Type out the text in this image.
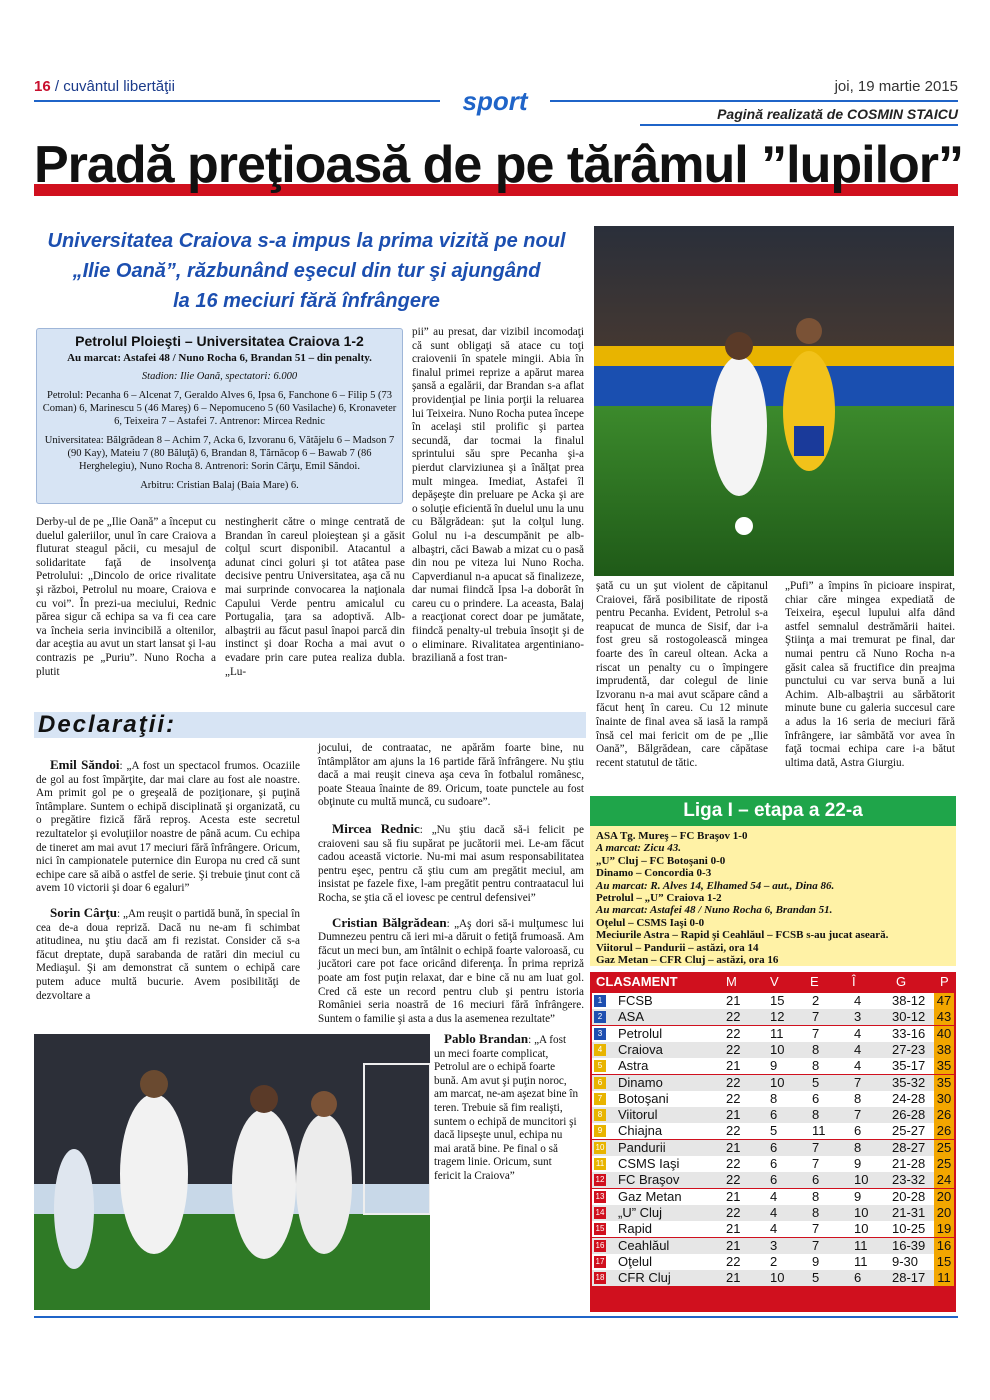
16 / cuvântul libertăţii	joi, 19 martie 2015
sport	Pagină realizată de COSMIN STAICU
Pradă preţioasă de pe tărâmul ”lupilor”
Universitatea Craiova s-a impus la prima vizită pe noul
„Ilie Oană”, răzbunând eşecul din tur şi ajungând
la 16 meciuri fără înfrângere
Petrolul Ploieşti – Universitatea Craiova 1-2
Au marcat: Astafei 48 / Nuno Rocha 6, Brandan 51 – din penalty.
Stadion: Ilie Oană, spectatori: 6.000

Petrolul: Pecanha 6 – Alcenat 7, Geraldo Alves 6, Ipsa 6, Fanchone 6 – Filip 5 (73 Coman) 6, Marinescu 5 (46 Mareş) 6 – Nepomuceno 5 (60 Vasilache) 6, Kronaveter 6, Teixeira 7 – Astafei 7. Antrenor: Mircea Rednic

Universitatea: Bălgrădean 8 – Achim 7, Acka 6, Izvoranu 6, Vătăjelu 6 – Madson 7 (90 Kay), Mateiu 7 (80 Băluţă) 6, Brandan 8, Tărnăcop 6 – Bawab 7 (86 Herghelegiu), Nuno Rocha 8. Antrenori: Sorin Cârţu, Emil Săndoi.

Arbitru: Cristian Balaj (Baia Mare) 6.

Derby-ul de pe „Ilie Oană” a început cu duelul galeriilor, unul în care Craiova a fluturat steagul păcii, cu mesajul de solidaritate faţă de insolvenţa Petrolului: „Dincolo de orice rivalitate şi război, Petrolul nu moare, Craiova e cu voi”. În prezi-ua meciului, Rednic părea sigur că echipa sa va fi cea care va încheia seria invincibilă a oltenilor, dar aceştia au avut un start lansat şi l-au contrazis pe „Puriu”. Nuno Rocha a plutit

nestingherit către o minge centrată de Brandan în careul ploieştean şi a găsit colţul scurt disponibil. Atacantul a adunat cinci goluri şi tot atâtea pase decisive pentru Universitatea, aşa că nu mai surprinde convocarea la naţionala Capului Verde pentru amicalul cu Portugalia, ţara sa adoptivă. Alb-albaştrii au făcut pasul înapoi parcă din instinct şi doar Rocha a mai avut o evadare prin care putea realiza dubla. „Lu-

pii” au presat, dar vizibil incomodaţi că sunt obligaţi să atace cu toţi craiovenii în spatele mingii. Abia în finalul primei reprize a apărut marea şansă a egalării, dar Brandan s-a aflat providenţial pe linia porţii la reluarea lui Teixeira. Nuno Rocha putea începe în acelaşi stil prolific şi partea secundă, dar tocmai la finalul sprintului său spre Pecanha şi-a pierdut clarviziunea şi a înălţat prea mult mingea. Imediat, Astafei îl depăşeşte din preluare pe Acka şi are o soluţie eficientă în duelul unu la unu cu Bălgrădean: şut la colţul lung. Golul nu i-a descumpănit pe alb-albaştri, căci Bawab a mizat cu o pasă din nou pe viteza lui Nuno Rocha. Capverdianul n-a apucat să finalizeze, dar numai fiindcă Ipsa l-a doborât în careu cu o prindere. La aceasta, Balaj a reacţionat corect doar pe jumătate, fiindcă penalty-ul trebuia însoţit şi de o eliminare. Rivalitatea argentiniano-braziliană a fost tran-

şată cu un şut violent de căpitanul Craiovei, fără posibilitate de ripostă pentru Pecanha. Evident, Petrolul s-a reapucat de munca de Sisif, dar i-a fost greu să rostogolească mingea foarte des în careul oltean. Acka a riscat un penalty cu o împingere imprudentă, dar colegul de linie Izvoranu n-a mai avut scăpare când a făcut henţ în careu. Cu 12 minute înainte de final avea să iasă la rampă însă cel mai fericit om de pe „Ilie Oană”, Bălgrădean, care căpătase recent statutul de tătic.

„Pufi” a împins în picioare inspirat, chiar căre mingea expediată de Teixeira, eşecul lupului alfa dând astfel semnalul destrămării haitei. Ştiinţa a mai tremurat pe final, dar numai pentru că Nuno Rocha n-a găsit calea să fructifice din preajma punctului cu var serva bună a lui Achim. Alb-albaştrii au sărbătorit minute bune cu galeria succesul care a adus la 16 seria de meciuri fără înfrângere, iar sâmbătă vor avea în faţă tocmai echipa care i-a bătut ultima dată, Astra Giurgiu.

Declaraţii:

Emil Săndoi: „A fost un spectacol frumos. Ocaziile de gol au fost împărţite, dar mai clare au fost ale noastre. Am primit gol pe o greşeală de poziţionare, şi puţină întâmplare. Suntem o echipă disciplinată şi organizată, cu o pregătire fizică fără reproş. Acesta este secretul rezultatelor şi evoluţiilor noastre de până acum. Cu echipa de tineret am mai avut 17 meciuri fără înfrângere. Oricum, nici în campionatele puternice din Europa nu cred că sunt echipe care să aibă o astfel de serie. Şi trebuie ţinut cont că avem 10 victorii şi doar 6 egaluri”

Sorin Cârţu: „Am reuşit o partidă bună, în special în cea de-a doua repriză. Dacă nu ne-am fi schimbat atitudinea, nu ştiu dacă am fi rezistat. Consider că s-a făcut dreptate, după sarabanda de ratări din meciul cu Mediaşul. Şi am demonstrat că suntem o echipă care putem aduce multă bucurie. Avem posibilităţi de dezvoltare a

jocului, de contraatac, ne apărăm foarte bine, nu întâmplător am ajuns la 16 partide fără înfrângere. Nu ştiu dacă a mai reuşit cineva aşa ceva în fotbalul românesc, poate Steaua înainte de 89. Oricum, toate punctele au fost obţinute cu multă muncă, cu sudoare”.

Mircea Rednic: „Nu ştiu dacă să-i felicit pe craioveni sau să fiu supărat pe jucătorii mei. Le-am făcut cadou această victorie. Nu-mi mai asum responsabilitatea pentru eşec, pentru că ştiu cum am pregătit meciul, am insistat pe fazele fixe, l-am pregătit pentru contraatacul lui Rocha, se ştia că el iovesc pe centrul defensivei”

Cristian Bălgrădean: „Aş dori să-i mulţumesc lui Dumnezeu pentru că ieri mi-a dăruit o fetiţă frumoasă. Am făcut un meci bun, am întâlnit o echipă foarte valoroasă, cu jucători care pot face oricând diferenţa. În prima repriză poate am fost puţin relaxat, dar e bine că nu am luat gol. Cred că este un record pentru club şi pentru istoria României seria noastră de 16 meciuri fără înfrângere. Suntem o familie şi asta a dus la asemenea rezultate”

Pablo Brandan: „A fost un meci foarte complicat, Petrolul are o echipă foarte bună. Am avut şi puţin noroc, am marcat, ne-am aşezat bine în teren. Trebuie să fim realişti, suntem o echipă de muncitori şi dacă lipseşte unul, echipa nu mai arată bine. Pe final o să tragem linie. Oricum, sunt fericit la Craiova”

Liga I – etapa a 22-a
ASA Tg. Mureş – FC Braşov 1-0
A marcat: Zicu 43.
„U” Cluj – FC Botoşani 0-0
Dinamo – Concordia 0-3
Au marcat: R. Alves 14, Elhamed 54 – aut., Dina 86.
Petrolul – „U” Craiova 1-2
Au marcat: Astafei 48 / Nuno Rocha 6, Brandan 51.
Oţelul – CSMS Iaşi 0-0
Meciurile Astra – Rapid şi Ceahlăul – FCSB s-au jucat aseară.
Viitorul – Pandurii – astăzi, ora 14
Gaz Metan – CFR Cluj – astăzi, ora 16
CLASAMENT	M	V E	Î	G	P
1 FCSB	21 15 2	4 38-12 47
2 ASA	22 12 7	3 30-12 43
3 Petrolul	22 11 7	4 33-16 40
4 Craiova	22 10 8	4 27-23 38
5 Astra	21 9	8	4 35-17 35
6 Dinamo	22 10 5	7 35-32 35
7 Botoşani	22 8	6	8 24-28 30
8 Viitorul	21 6	8	7 26-28 26
9 Chiajna	22 5	11 6 25-27 26
10 Pandurii	21 6	7	8 28-27 25
11 CSMS Iaşi	22 6	7	9 21-28 25
12 FC Braşov	22 6	6	10 23-32 24
13 Gaz Metan	21 4	8	9 20-28 20
14 „U” Cluj	22 4	8	10 21-31 20
15 Rapid	21 4	7	10 10-25 19
16 Ceahlăul	21 3	7	11 16-39 16
17 Oţelul	22 2	9	11 9-30 15
18 CFR Cluj	21 10 5	6 28-17 11
